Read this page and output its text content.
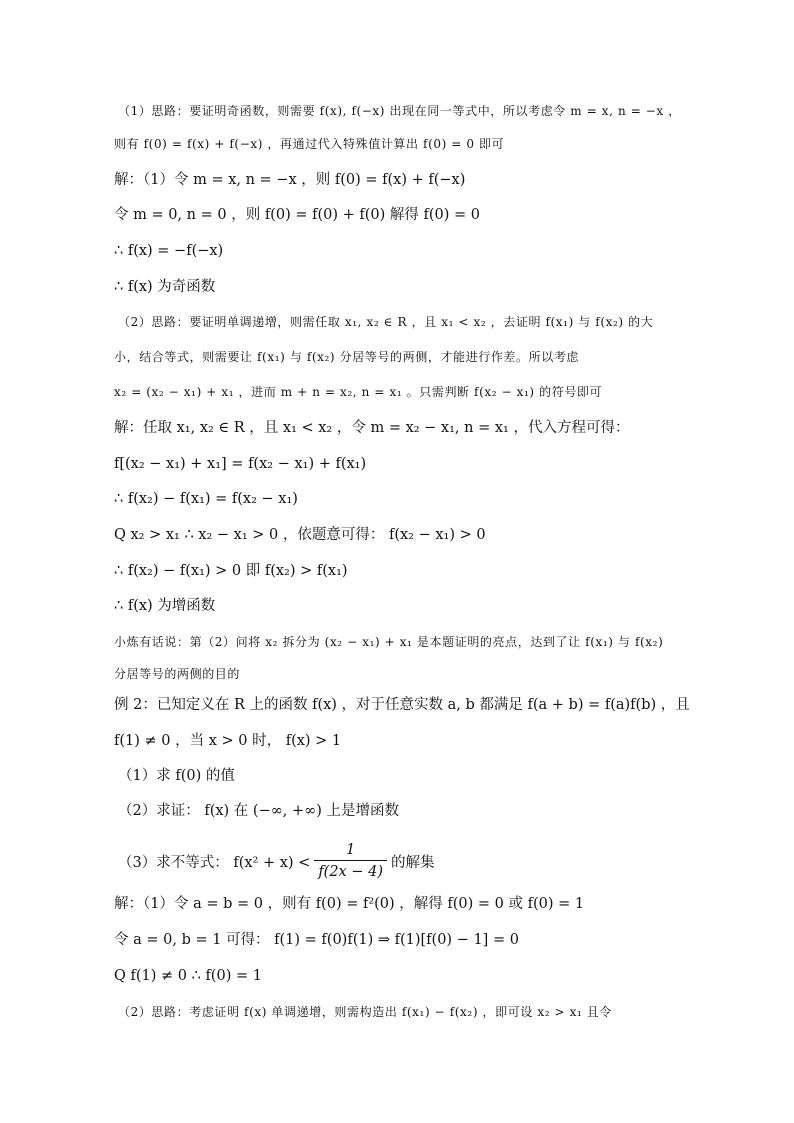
（1）思路：要证明奇函数，则需要 f(x), f(−x) 出现在同一等式中，所以考虑令 m = x, n = −x ，
则有 f(0) = f(x) + f(−x) ，再通过代入特殊值计算出 f(0) = 0 即可
解：（1）令 m = x, n = −x ，则 f(0) = f(x) + f(−x)
令 m = 0, n = 0 ，则 f(0) = f(0) + f(0) 解得 f(0) = 0
∴ f(x) = −f(−x)
∴ f(x) 为奇函数
（2）思路：要证明单调递增，则需任取 x₁, x₂ ∈ R ，且 x₁ < x₂ ，去证明 f(x₁) 与 f(x₂) 的大
小，结合等式，则需要让 f(x₁) 与 f(x₂) 分居等号的两侧，才能进行作差。所以考虑
x₂ = (x₂ − x₁) + x₁ ，进而 m + n = x₂, n = x₁ 。只需判断 f(x₂ − x₁) 的符号即可
解：任取 x₁, x₂ ∈ R ，且 x₁ < x₂ ，令 m = x₂ − x₁, n = x₁ ，代入方程可得：
f[(x₂ − x₁) + x₁] = f(x₂ − x₁) + f(x₁)
∴ f(x₂) − f(x₁) = f(x₂ − x₁)
Q x₂ > x₁ ∴ x₂ − x₁ > 0 ，依题意可得： f(x₂ − x₁) > 0
∴ f(x₂) − f(x₁) > 0 即 f(x₂) > f(x₁)
∴ f(x) 为增函数
小炼有话说：第（2）问将 x₂ 拆分为 (x₂ − x₁) + x₁ 是本题证明的亮点，达到了让 f(x₁) 与 f(x₂)
分居等号的两侧的目的
例 2：已知定义在 R 上的函数 f(x) ，对于任意实数 a, b 都满足 f(a + b) = f(a)f(b) ，且
f(1) ≠ 0 ，当 x > 0 时， f(x) > 1
（1）求 f(0) 的值
（2）求证： f(x) 在 (−∞, +∞) 上是增函数
（3）求不等式： $f(x^2 + x) < \frac{1}{f(2x - 4)}$ 的解集
解：（1）令 a = b = 0 ，则有 f(0) = f²(0) ，解得 f(0) = 0 或 f(0) = 1
令 a = 0, b = 1 可得： f(1) = f(0)f(1) ⇒ f(1)[f(0) − 1] = 0
Q f(1) ≠ 0 ∴ f(0) = 1
（2）思路：考虑证明 f(x) 单调递增，则需构造出 f(x₁) − f(x₂) ，即可设 x₂ > x₁ 且令
